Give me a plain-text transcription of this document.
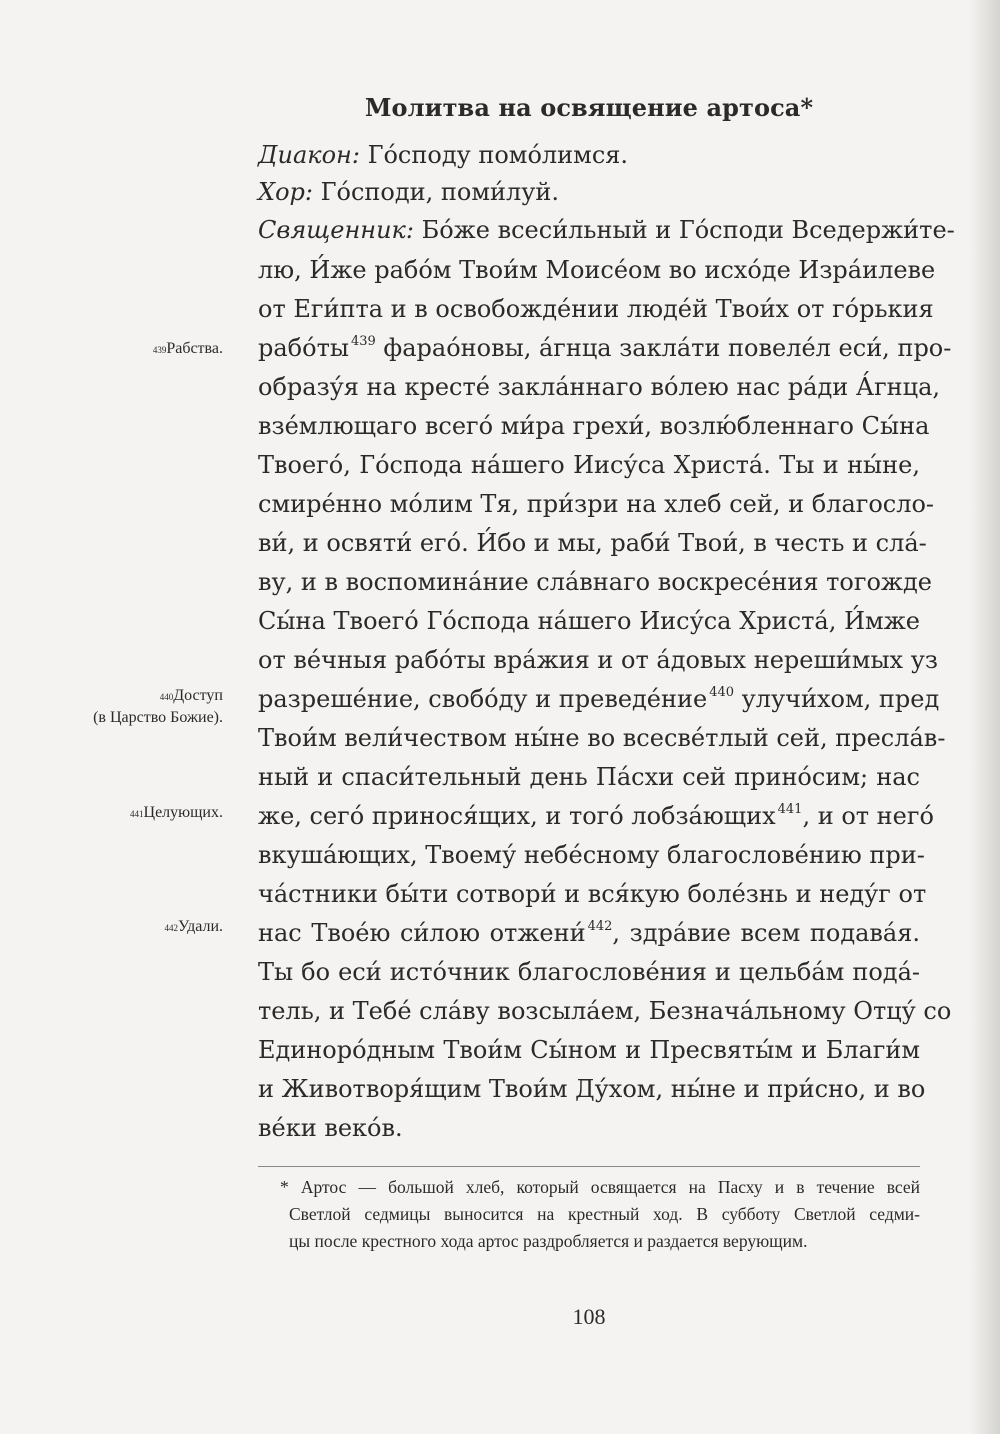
Молитва на освящение артоса*
Диакон: Го́споду помо́лимся.
Хор: Го́споди, поми́луй.
Священник: Бо́же всеси́льный и Го́споди Вседержи́те-
лю, И́же рабо́м Твои́м Моисе́ом во исхо́де Изра́илеве
от Еги́пта и в освобожде́нии люде́й Твои́х от го́рькия
рабо́ты $^{439}$ фарао́новы, а́гнца закла́ти повеле́л еси́, про-
образу́я на кресте́ закла́ннаго во́лею нас ра́ди А́гнца,
взе́млющаго всего́ ми́ра грехи́, возлю́бленнаго Сы́на
Твоего́, Го́спода на́шего Иису́са Христа́. Ты и ны́не,
смире́нно мо́лим Тя, при́зри на хлеб сей, и благосло-
ви́, и освяти́ его́. И́бо и мы, раби́ Твои́, в честь и сла́-
ву, и в воспомина́ние сла́внаго воскресе́ния тогожде
Сы́на Твоего́ Го́спода на́шего Иису́са Христа́, И́мже
от ве́чныя рабо́ты вра́жия и от а́довых нереши́мых уз
разреше́ние, свобо́ду и преведе́ние $^{440}$ улучи́хом, пред
Твои́м вели́чествoм ны́не во всесве́тлый сей, пресла́в-
ный и спаси́тельный день Па́сxи сей прино́сим; нас
же, сего́ принося́щих, и того́ лобза́ющих $^{441}$, и от него́
вкуша́ющих, Твоему́ небе́сному благослове́нию при-
ча́стники бы́ти сотвори́ и вся́кую боле́знь и неду́г от
нас Твое́ю си́лою отжени́ $^{442}$, здра́вие всем подава́я.
Ты бо еси́ исто́чник благослове́ния и цельба́м пода́-
тель, и Тебе́ сла́ву возсыла́ем, Безнача́льному Отцу́ со
Единоро́дным Твои́м Сы́ном и Пресвяты́м и Благи́м
и Животворя́щим Твои́м Ду́хом, ны́не и при́сно, и во
ве́ки веко́в.
$^{439}$Рабства.
$^{440}$Доступ
(в Царство Божие).
$^{441}$Целующих.
$^{442}$Удали.
* Артос — большой хлеб, который освящается на Пасху и в течение всей
Светлой седмицы выносится на крестный ход. В субботу Светлой седми-
цы после крестного хода артос раздробляется и раздается верующим.
108
